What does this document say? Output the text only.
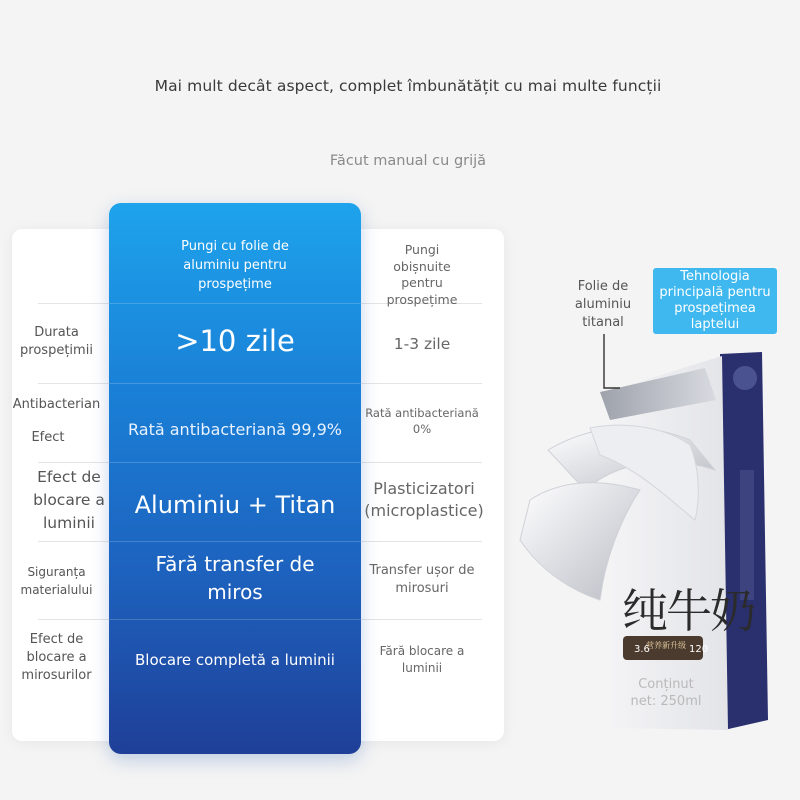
Mai mult decât aspect, complet îmbunătățit cu mai multe funcții
Făcut manual cu grijă
Durata prospețimii
Antibacterian
Efect
Efect de blocare a luminii
Siguranța materialului
Efect de blocare a mirosurilor
Pungi cu folie de aluminiu pentru prospețime
>10 zile
Rată antibacteriană 99,9%
Aluminiu + Titan
Fără transfer de miros
Blocare completă a luminii
Pungi obișnuite pentru prospețime
1-3 zile
Rată antibacteriană 0%
Plasticizatori (microplastice)
Transfer ușor de mirosuri
Fără blocare a luminii
3.6
营养新升级 120
Folie de aluminiu titanal
Tehnologia principală pentru prospețimea laptelui
纯牛奶
Conținut net: 250ml
